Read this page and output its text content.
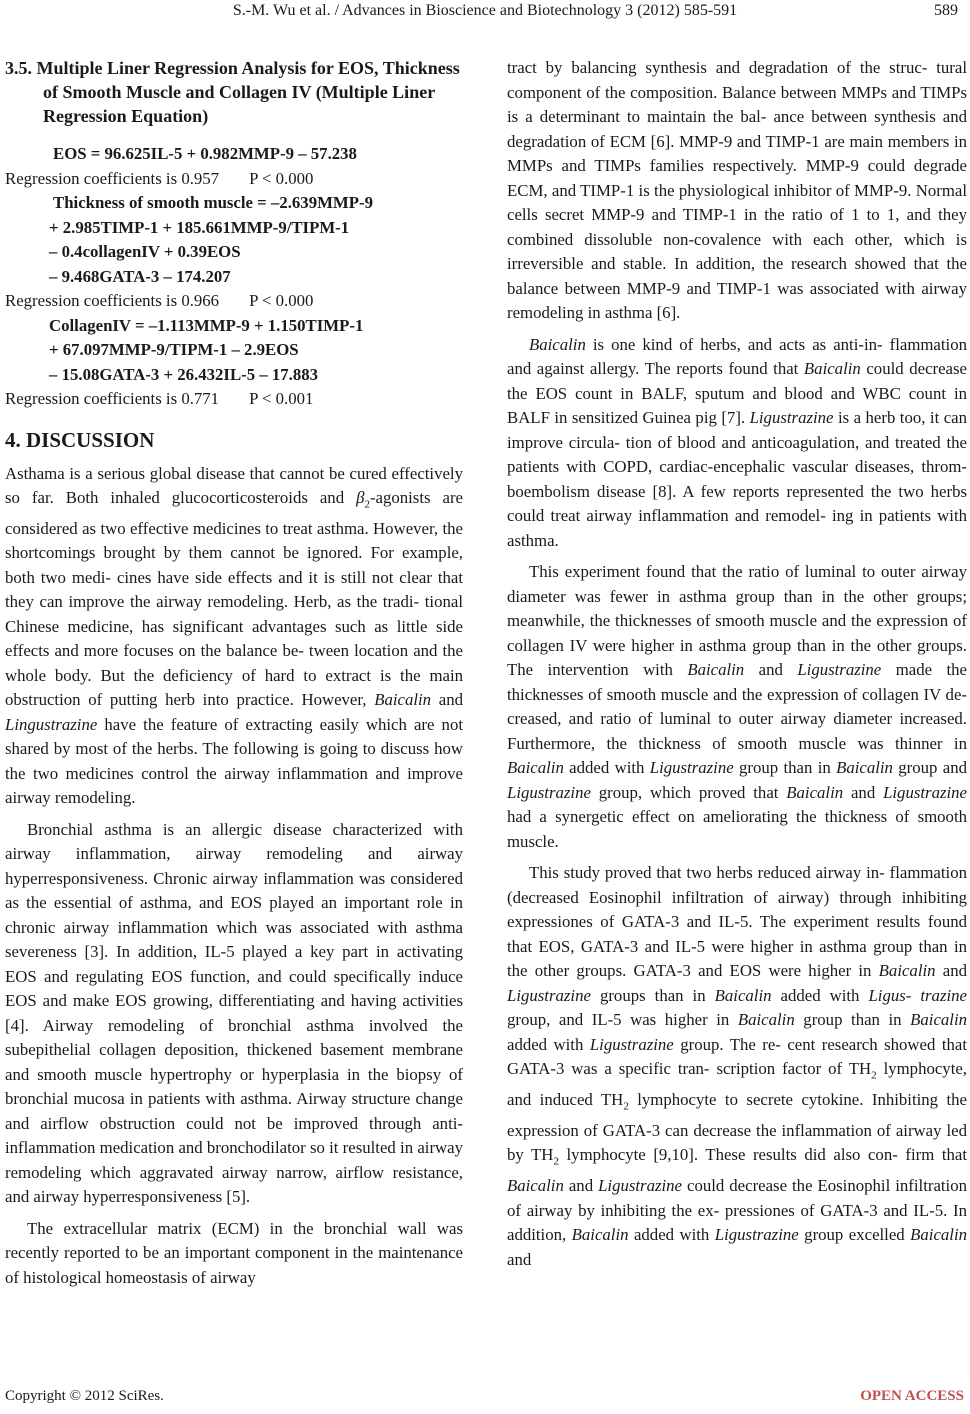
S.-M. Wu et al. / Advances in Bioscience and Biotechnology 3 (2012) 585-591	589
3.5. Multiple Liner Regression Analysis for EOS, Thickness of Smooth Muscle and Collagen IV (Multiple Liner Regression Equation)

EOS = 96.625IL-5 + 0.982MMP-9 – 57.238

Regression coefficients is 0.957 P < 0.000

Thickness of smooth muscle = –2.639MMP-9

+ 2.985TIMP-1 + 185.661MMP-9/TIPM-1

– 0.4collagenIV + 0.39EOS

– 9.468GATA-3 – 174.207

Regression coefficients is 0.966 P < 0.000

CollagenIV = –1.113MMP-9 + 1.150TIMP-1

+ 67.097MMP-9/TIPM-1 – 2.9EOS

– 15.08GATA-3 + 26.432IL-5 – 17.883

Regression coefficients is 0.771 P < 0.001

4. DISCUSSION

Asthama is a serious global disease that cannot be cured effectively so far. Both inhaled glucocorticosteroids and $\beta_2$-agonists are considered as two effective medicines to treat asthma. However, the shortcomings brought by them cannot be ignored. For example, both two medi- cines have side effects and it is still not clear that they can improve the airway remodeling. Herb, as the tradi- tional Chinese medicine, has significant advantages such as little side effects and more focuses on the balance be- tween location and the whole body. But the deficiency of hard to extract is the main obstruction of putting herb into practice. However, Baicalin and Lingustrazine have the feature of extracting easily which are not shared by most of the herbs. The following is going to discuss how the two medicines control the airway inflammation and improve airway remodeling.

Bronchial asthma is an allergic disease characterized with airway inflammation, airway remodeling and airway hyperresponsiveness. Chronic airway inflammation was considered as the essential of asthma, and EOS played an important role in chronic airway inflammation which was associated with asthma severeness [3]. In addition, IL-5 played a key part in activating EOS and regulating EOS function, and could specifically induce EOS and make EOS growing, differentiating and having activities [4]. Airway remodeling of bronchial asthma involved the subepithelial collagen deposition, thickened basement membrane and smooth muscle hypertrophy or hyperplasia in the biopsy of bronchial mucosa in patients with asthma. Airway structure change and airflow obstruction could not be improved through anti-inflammation medication and bronchodilator so it resulted in airway remodeling which aggravated airway narrow, airflow resistance, and airway hyperresponsiveness [5].

The extracellular matrix (ECM) in the bronchial wall was recently reported to be an important component in the maintenance of histological homeostasis of airway

tract by balancing synthesis and degradation of the struc- tural component of the composition. Balance between MMPs and TIMPs is a determinant to maintain the bal- ance between synthesis and degradation of ECM [6]. MMP-9 and TIMP-1 are main members in MMPs and TIMPs families respectively. MMP-9 could degrade ECM, and TIMP-1 is the physiological inhibitor of MMP-9. Normal cells secret MMP-9 and TIMP-1 in the ratio of 1 to 1, and they combined dissoluble non-covalence with each other, which is irreversible and stable. In addition, the research showed that the balance between MMP-9 and TIMP-1 was associated with airway remodeling in asthma [6].

Baicalin is one kind of herbs, and acts as anti-in- flammation and against allergy. The reports found that Baicalin could decrease the EOS count in BALF, sputum and blood and WBC count in BALF in sensitized Guinea pig [7]. Ligustrazine is a herb too, it can improve circula- tion of blood and anticoagulation, and treated the patients with COPD, cardiac-encephalic vascular diseases, throm- boembolism disease [8]. A few reports represented the two herbs could treat airway inflammation and remodel- ing in patients with asthma.

This experiment found that the ratio of luminal to outer airway diameter was fewer in asthma group than in the other groups; meanwhile, the thicknesses of smooth muscle and the expression of collagen IV were higher in asthma group than in the other groups. The intervention with Baicalin and Ligustrazine made the thicknesses of smooth muscle and the expression of collagen IV de- creased, and ratio of luminal to outer airway diameter increased. Furthermore, the thickness of smooth muscle was thinner in Baicalin added with Ligustrazine group than in Baicalin group and Ligustrazine group, which proved that Baicalin and Ligustrazine had a synergetic effect on ameliorating the thickness of smooth muscle.

This study proved that two herbs reduced airway in- flammation (decreased Eosinophil infiltration of airway) through inhibiting expressiones of GATA-3 and IL-5. The experiment results found that EOS, GATA-3 and IL-5 were higher in asthma group than in the other groups. GATA-3 and EOS were higher in Baicalin and Ligustrazine groups than in Baicalin added with Ligus- trazine group, and IL-5 was higher in Baicalin group than in Baicalin added with Ligustrazine group. The re- cent research showed that GATA-3 was a specific tran- scription factor of $TH_2$ lymphocyte, and induced $TH_2$ lymphocyte to secrete cytokine. Inhibiting the expression of GATA-3 can decrease the inflammation of airway led by $TH_2$ lymphocyte [9,10]. These results did also con- firm that Baicalin and Ligustrazine could decrease the Eosinophil infiltration of airway by inhibiting the ex- pressiones of GATA-3 and IL-5. In addition, Baicalin added with Ligustrazine group excelled Baicalin and

Copyright © 2012 SciRes.	OPEN ACCESS
